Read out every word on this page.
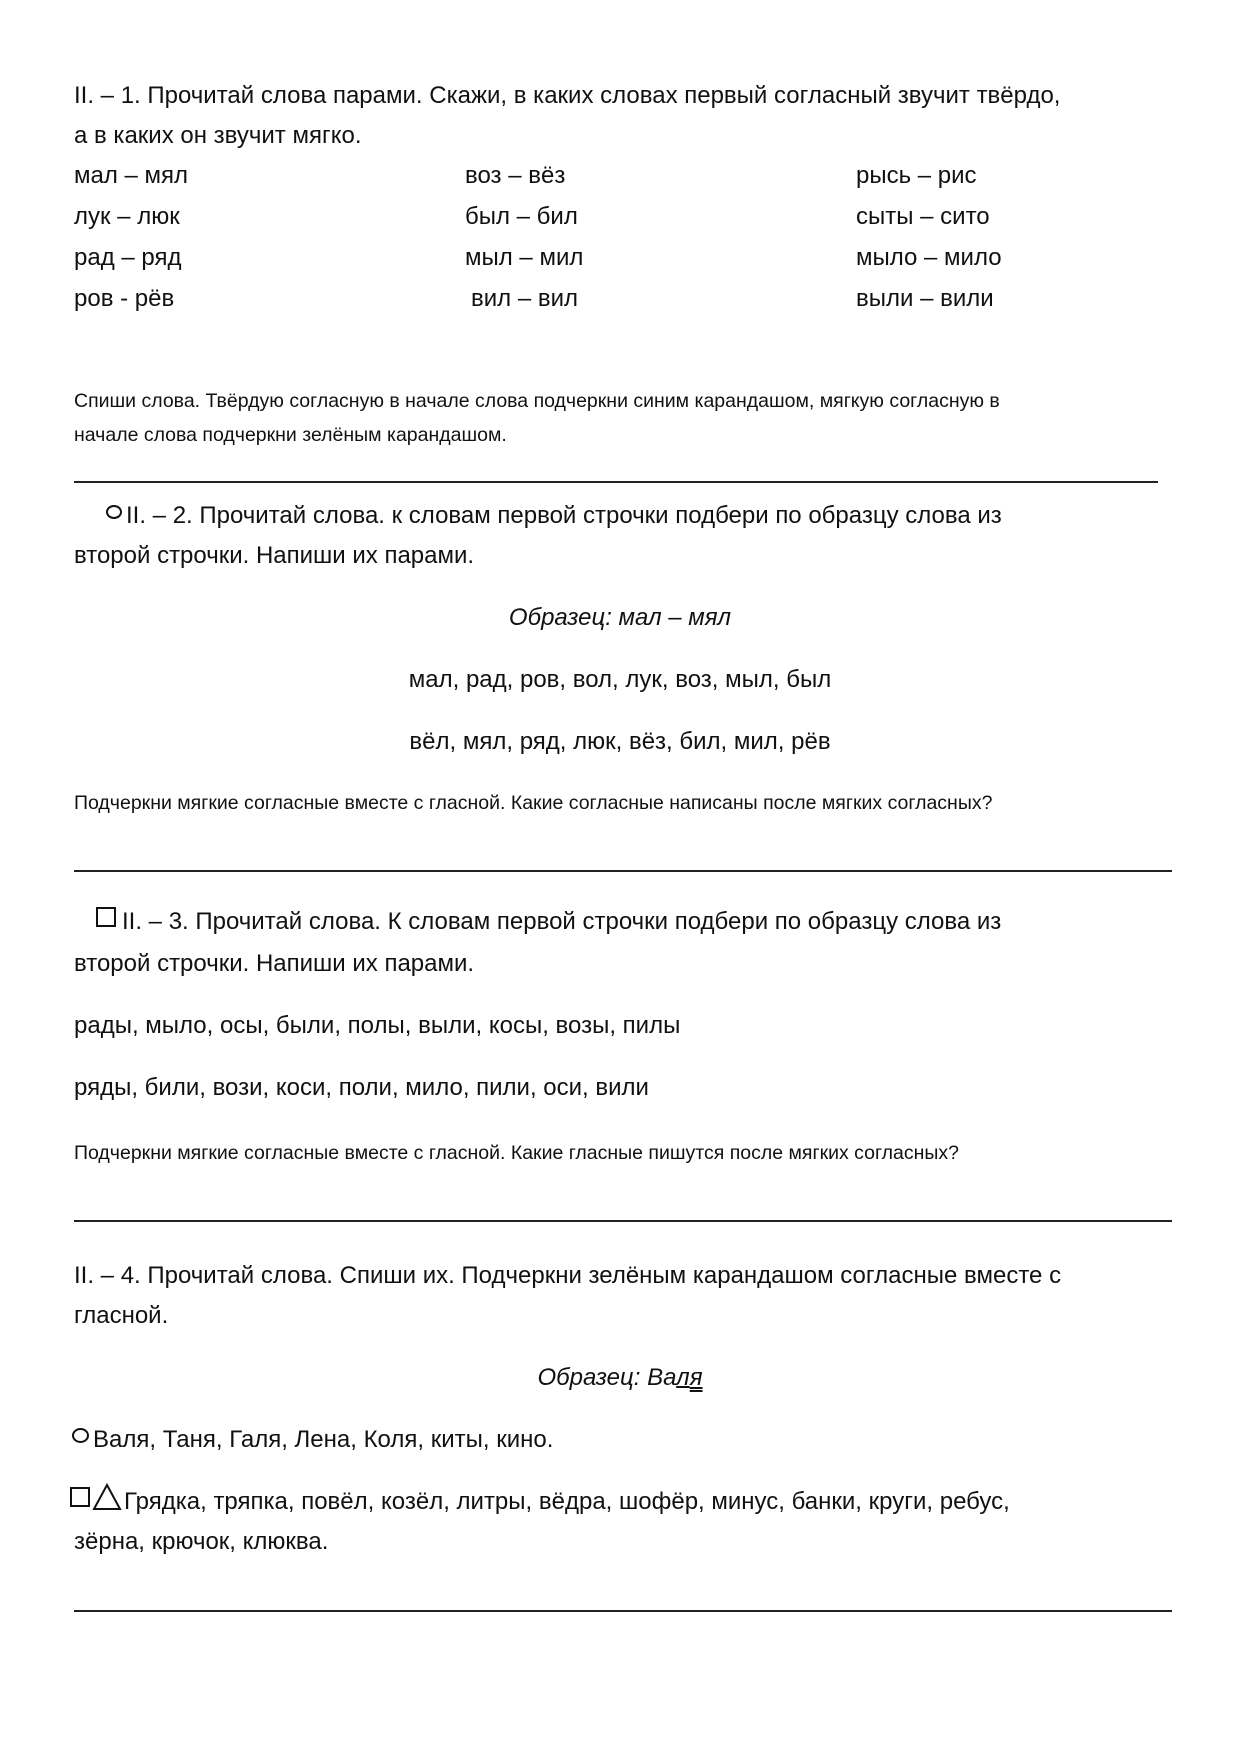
II. – 1. Прочитай слова парами. Скажи, в каких словах первый согласный звучит твёрдо,
а в каких он звучит мягко.
мал – мял
лук – люк
рад – ряд
ров - рёв
воз – вёз
был – бил
мыл – мил
вил – вил
рысь – рис
сыты – сито
мыло – мило
выли – вили
Спиши слова. Твёрдую согласную в начале слова подчеркни синим карандашом, мягкую согласную в
начале слова подчеркни зелёным карандашом.
II. – 2. Прочитай слова. к словам первой строчки подбери по образцу слова из
второй строчки. Напиши их парами.
Образец: мал – мял
мал, рад, ров, вол, лук, воз, мыл, был
вёл, мял, ряд, люк, вёз, бил, мил, рёв
Подчеркни мягкие согласные вместе с гласной. Какие согласные написаны после мягких согласных?
II. – 3. Прочитай слова. К словам первой строчки подбери по образцу слова из
второй строчки. Напиши их парами.
рады, мыло, осы, были, полы, выли, косы, возы, пилы
ряды, били, вози, коси, поли, мило, пили, оси, вили
Подчеркни мягкие согласные вместе с гласной. Какие гласные пишутся после мягких согласных?
II. – 4. Прочитай слова. Спиши их. Подчеркни зелёным карандашом согласные вместе с
гласной.
Образец: Валя
Валя, Таня, Галя, Лена, Коля, киты, кино.
Грядка, тряпка, повёл, козёл, литры, вёдра, шофёр, минус, банки, круги, ребус,
зёрна, крючок, клюква.
